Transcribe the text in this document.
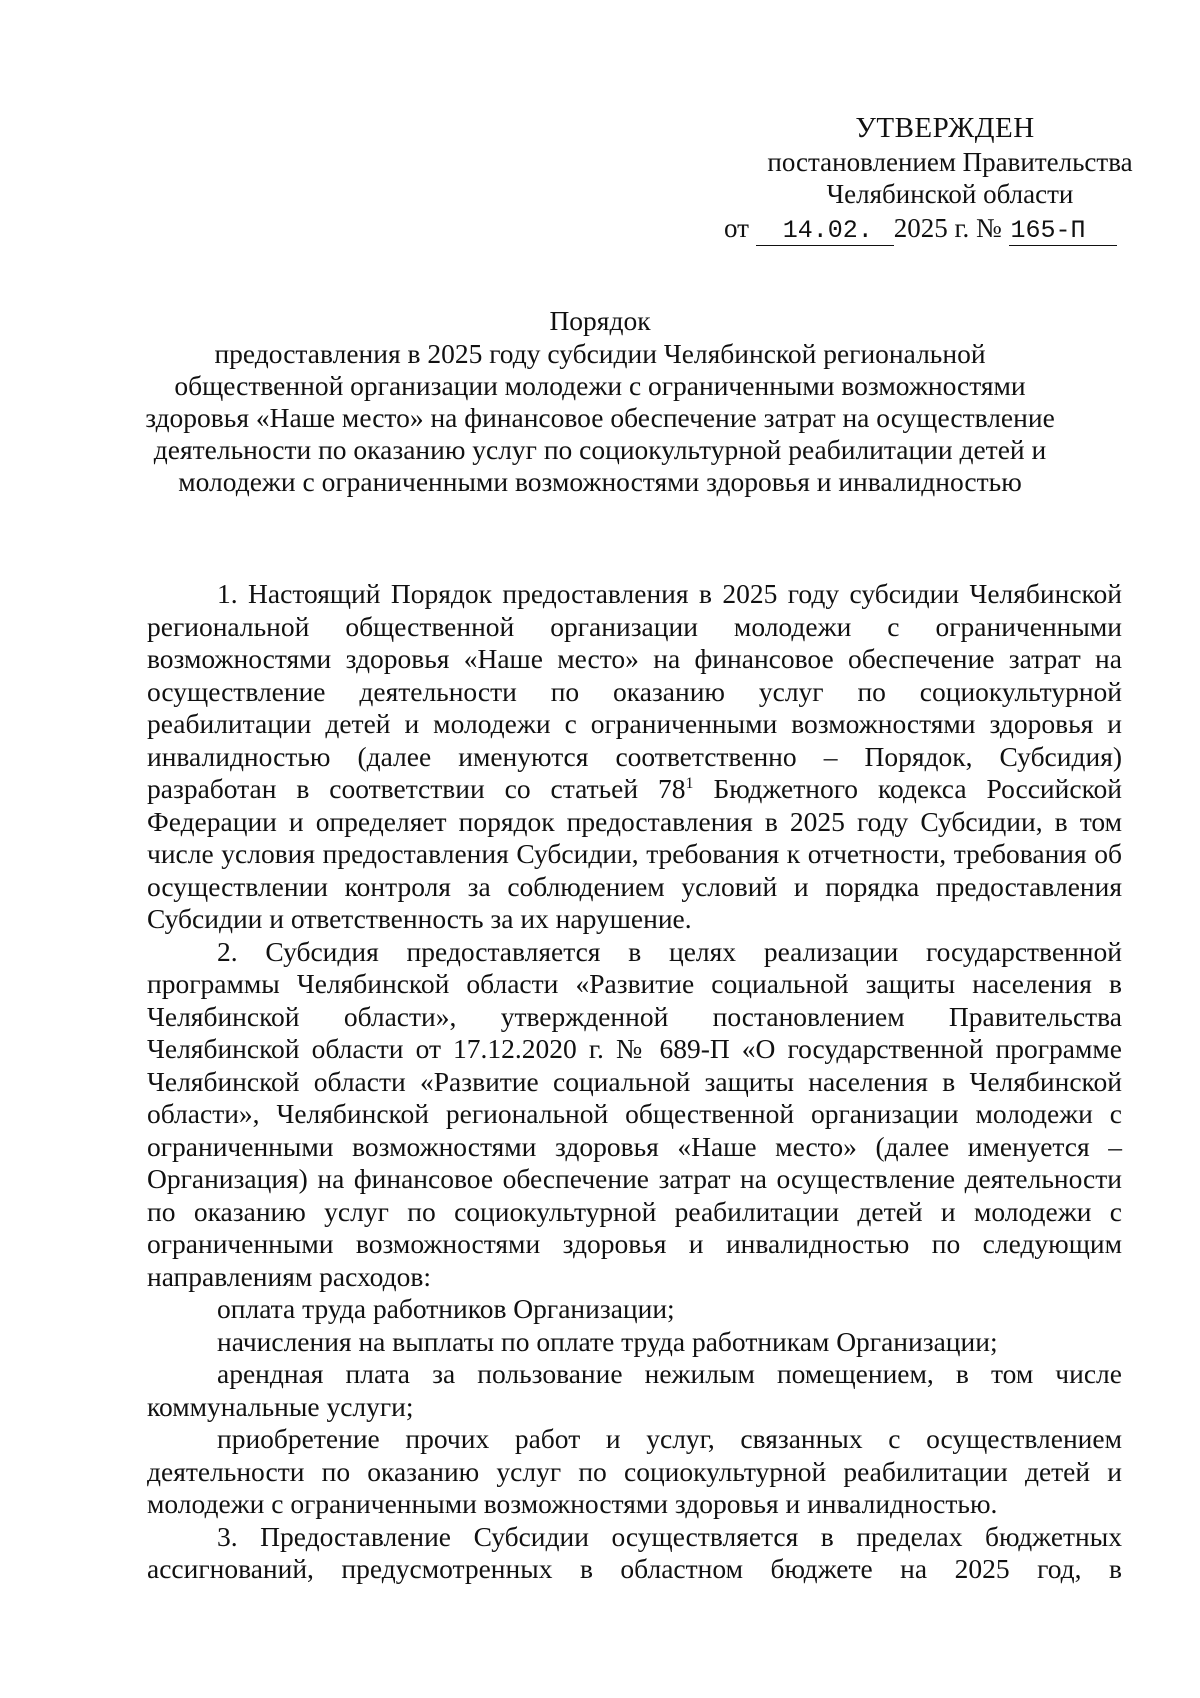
УТВЕРЖДЕН
постановлением Правительства
Челябинской области
от 14.02. 2025 г. № 165-П
Порядок
предоставления в 2025 году субсидии Челябинской региональной
общественной организации молодежи с ограниченными возможностями
здоровья «Наше место» на финансовое обеспечение затрат на осуществление
деятельности по оказанию услуг по социокультурной реабилитации детей и
молодежи с ограниченными возможностями здоровья и инвалидностью

1. Настоящий Порядок предоставления в 2025 году субсидии Челябинской региональной общественной организации молодежи с ограниченными возможностями здоровья «Наше место» на финансовое обеспечение затрат на осуществление деятельности по оказанию услуг по социокультурной реабилитации детей и молодежи с ограниченными возможностями здоровья и инвалидностью (далее именуются соответственно – Порядок, Субсидия) разработан в соответствии со статьей $78^1$ Бюджетного кодекса Российской Федерации и определяет порядок предоставления в 2025 году Субсидии, в том числе условия предоставления Субсидии, требования к отчетности, требования об осуществлении контроля за соблюдением условий и порядка предоставления Субсидии и ответственность за их нарушение.

2. Субсидия предоставляется в целях реализации государственной программы Челябинской области «Развитие социальной защиты населения в Челябинской области», утвержденной постановлением Правительства Челябинской области от 17.12.2020 г. № 689-П «О государственной программе Челябинской области «Развитие социальной защиты населения в Челябинской области», Челябинской региональной общественной организации молодежи с ограниченными возможностями здоровья «Наше место» (далее именуется – Организация) на финансовое обеспечение затрат на осуществление деятельности по оказанию услуг по социокультурной реабилитации детей и молодежи с ограниченными возможностями здоровья и инвалидностью по следующим направлениям расходов:

оплата труда работников Организации;

начисления на выплаты по оплате труда работникам Организации;

арендная плата за пользование нежилым помещением, в том числе коммунальные услуги;

приобретение прочих работ и услуг, связанных с осуществлением деятельности по оказанию услуг по социокультурной реабилитации детей и молодежи с ограниченными возможностями здоровья и инвалидностью.

3. Предоставление Субсидии осуществляется в пределах бюджетных ассигнований, предусмотренных в областном бюджете на 2025 год, в
